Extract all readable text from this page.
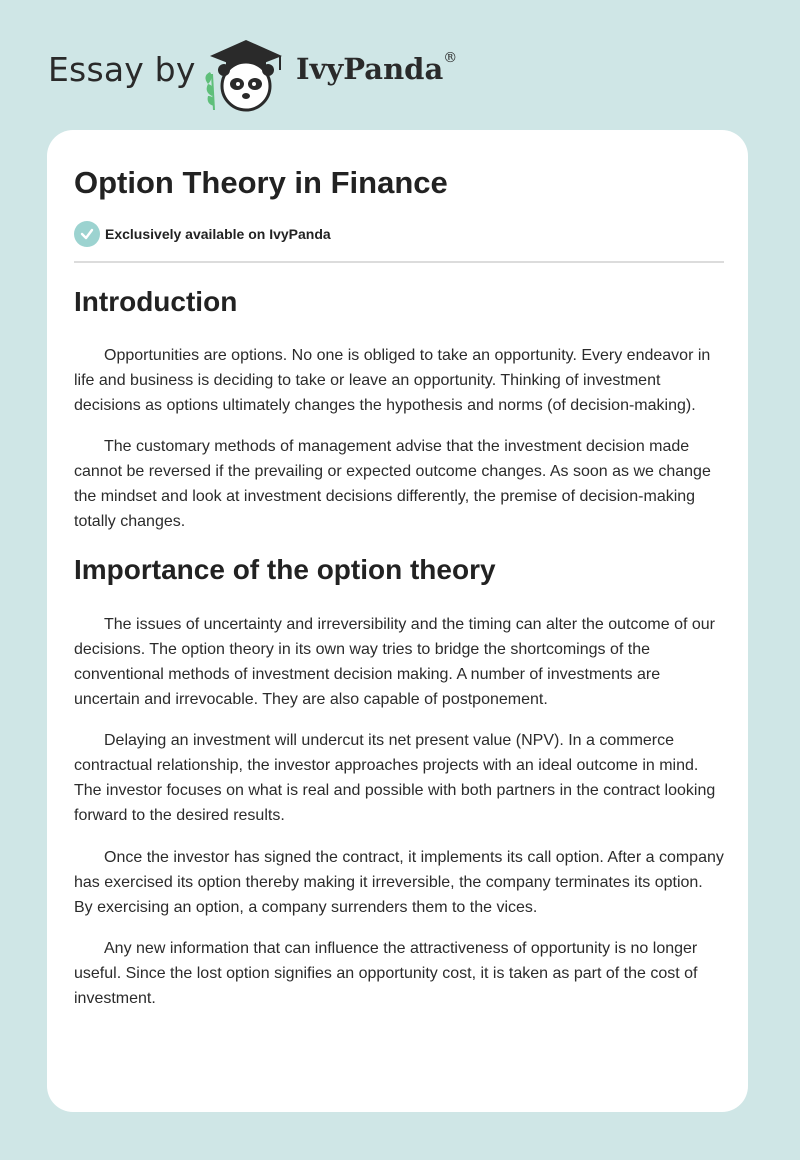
Essay by	IvyPanda®
Option Theory in Finance
Exclusively available on IvyPanda
Introduction

Opportunities are options. No one is obliged to take an opportunity. Every endeavor in life and business is deciding to take or leave an opportunity. Thinking of investment decisions as options ultimately changes the hypothesis and norms (of decision-making).

The customary methods of management advise that the investment decision made cannot be reversed if the prevailing or expected outcome changes. As soon as we change the mindset and look at investment decisions differently, the premise of decision-making totally changes.

Importance of the option theory

The issues of uncertainty and irreversibility and the timing can alter the outcome of our decisions. The option theory in its own way tries to bridge the shortcomings of the conventional methods of investment decision making. A number of investments are uncertain and irrevocable. They are also capable of postponement.

Delaying an investment will undercut its net present value (NPV). In a commerce contractual relationship, the investor approaches projects with an ideal outcome in mind. The investor focuses on what is real and possible with both partners in the contract looking forward to the desired results.

Once the investor has signed the contract, it implements its call option. After a company has exercised its option thereby making it irreversible, the company terminates its option. By exercising an option, a company surrenders them to the vices.

Any new information that can influence the attractiveness of opportunity is no longer useful. Since the lost option signifies an opportunity cost, it is taken as part of the cost of investment.
